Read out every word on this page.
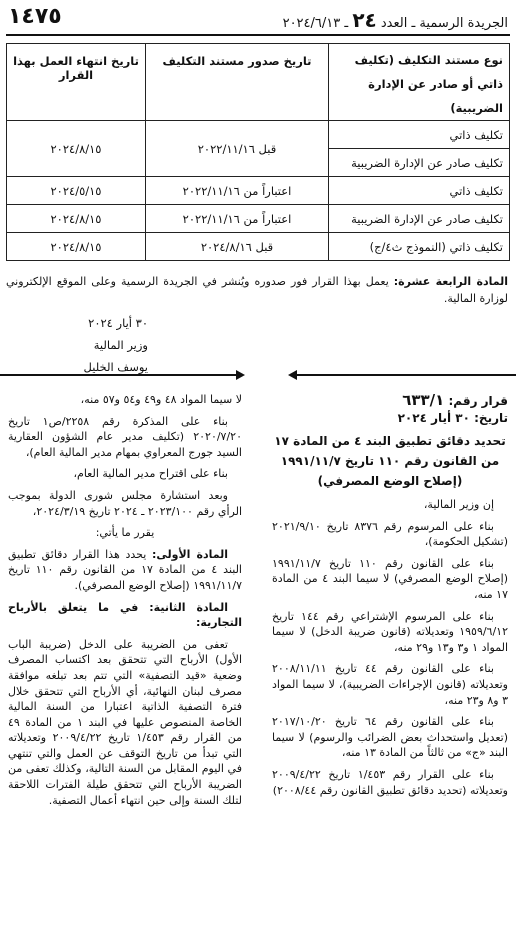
١٤٧٥	الجريدة الرسمية ـ العدد ٢٤ ـ ٢٠٢٤/٦/١٣
نوع مستند التكليف (تكليف ذاتي أو صادر عن الإدارة الضريبية)	تاريخ صدور مستند التكليف	تاريخ انتهاء العمل بهذا القرار
تكليف ذاتي	قبل ٢٠٢٢/١١/١٦	٢٠٢٤/٨/١٥
تكليف صادر عن الإدارة الضريبية		
تكليف ذاتي	اعتباراً من ٢٠٢٢/١١/١٦	٢٠٢٤/٥/١٥
تكليف صادر عن الإدارة الضريبية	اعتباراً من ٢٠٢٢/١١/١٦	٢٠٢٤/٨/١٥
تكليف ذاتي (النموذج ث٤/ج)	قبل ٢٠٢٤/٨/١٦	٢٠٢٤/٨/١٥
المادة الرابعة عشرة: يعمل بهذا القرار فور صدوره ويُنشر في الجريدة الرسمية وعلى الموقع الإلكتروني لوزارة المالية.
٣٠ أيار ٢٠٢٤
وزير المالية
يوسف الخليل
قرار رقم: ٦٣٣/١
تاريخ: ٣٠ أيار ٢٠٢٤
تحديد دقائق تطبيق البند ٤ من المادة ١٧
من القانون رقم ١١٠ تاريخ ١٩٩١/١١/٧
(إصلاح الوضع المصرفي)

إن وزير المالية،

بناء على المرسوم رقم ٨٣٧٦ تاريخ ٢٠٢١/٩/١٠ (تشكيل الحكومة)،

بناء على القانون رقم ١١٠ تاريخ ١٩٩١/١١/٧ (إصلاح الوضع المصرفي) لا سيما البند ٤ من المادة ١٧ منه،

بناء على المرسوم الإشتراعي رقم ١٤٤ تاريخ ١٩٥٩/٦/١٢ وتعديلاته (قانون ضريبة الدخل) لا سيما المواد ١ و٣ و١٣ و٢٩ منه،

بناء على القانون رقم ٤٤ تاريخ ٢٠٠٨/١١/١١ وتعديلاته (قانون الإجراءات الضريبية)، لا سيما المواد ٣ و٨ و٢٣ منه،

بناء على القانون رقم ٦٤ تاريخ ٢٠١٧/١٠/٢٠ (تعديل واستحداث بعض الضرائب والرسوم) لا سيما البند «ج» من ثالثاً من المادة ١٣ منه،

بناء على القرار رقم ١/٤٥٣ تاريخ ٢٠٠٩/٤/٢٢ وتعديلاته (تحديد دقائق تطبيق القانون رقم ٢٠٠٨/٤٤)

لا سيما المواد ٤٨ و٤٩ و٥٤ و٥٧ منه،

بناء على المذكرة رقم ٢٢٥٨/ص١ تاريخ ٢٠٢٠/٧/٢٠ (تكليف مدير عام الشؤون العقارية السيد جورج المعراوي بمهام مدير المالية العام)،

بناء على اقتراح مدير المالية العام،

وبعد استشارة مجلس شورى الدولة بموجب الرأي رقم ٢٠٢٣/١٠٠ ـ ٢٠٢٤ تاريخ ٢٠٢٤/٣/١٩،

يقرر ما يأتي:

المادة الأولى: يحدد هذا القرار دقائق تطبيق البند ٤ من المادة ١٧ من القانون رقم ١١٠ تاريخ ١٩٩١/١١/٧ (إصلاح الوضع المصرفي).

المادة الثانية: في ما يتعلق بالأرباح التجارية:

تعفى من الضريبة على الدخل (ضريبة الباب الأول) الأرباح التي تتحقق بعد اكتساب المصرف وضعية «قيد التصفية» التي تتم بعد تبلغه موافقة مصرف لبنان النهائية، أي الأرباح التي تتحقق خلال فترة التصفية الذاتية اعتبارا من السنة المالية الخاصة المنصوص عليها في البند ١ من المادة ٤٩ من القرار رقم ١/٤٥٣ تاريخ ٢٠٠٩/٤/٢٢ وتعديلاته التي تبدأ من تاريخ التوقف عن العمل والتي تنتهي في اليوم المقابل من السنة التالية، وكذلك تعفى من الضريبة الأرباح التي تتحقق طيلة الفترات اللاحقة لتلك السنة وإلى حين انتهاء أعمال التصفية.
